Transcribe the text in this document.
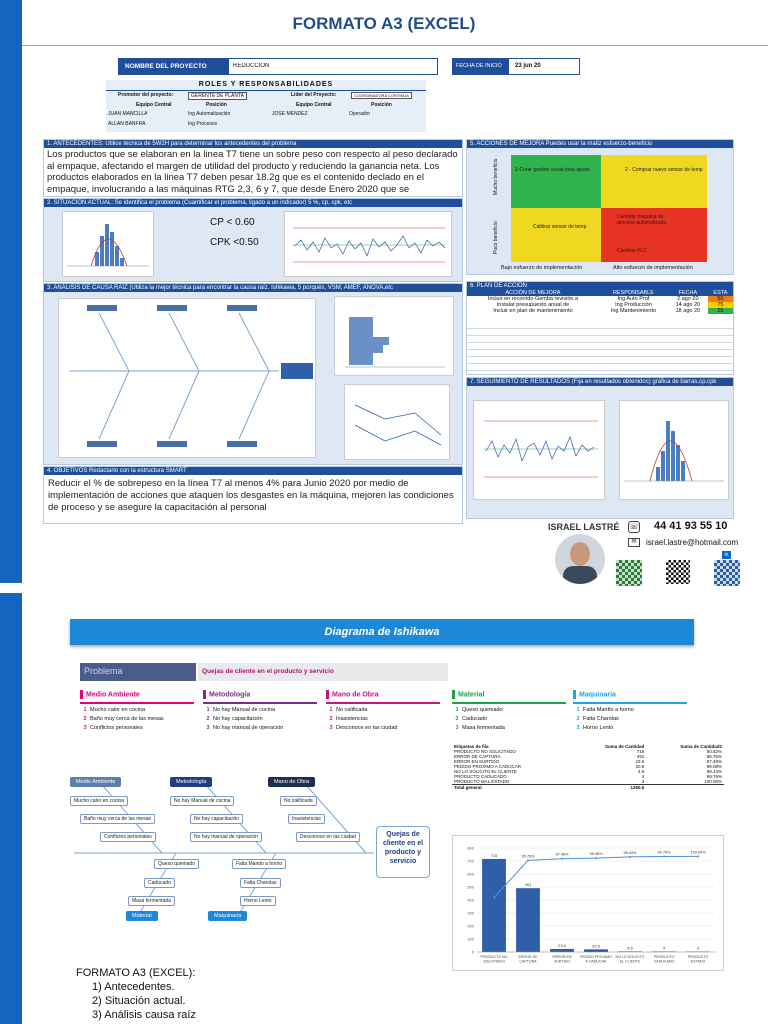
FORMATO A3 (EXCEL)
NOMBRE DEL PROYECTO	REDUCCIÓN	FECHA DE INICIO	23 jun 20
ROLES Y RESPONSABILIDADES
Promotor del proyecto:	GERENTE DE PLANTA	Líder del Proyecto:	COORDINADORA CONTINUA
Equipo Central	Posición	Equipo Central	Posición
JUAN MANCILLA	Ing Automatización	JOSE MENDEZ	Operador
ALLAN BANFRA	Ing Procesos
1. ANTECEDENTES: Utilice técnica de 5W2H para determinar los antecedentes del problema
Los productos que se elaboran en la linea T7 tiene un sobre peso con respecto al peso declarado al empaque, afectando el margen de utilidad del producto y reduciendo la ganancia neta. Los productos elaborados en la linea T7 deben pesar 18.2g que es el contenido declado en el empaque, involucrando a las máquinas RTG 2,3, 6 y 7, que desde Enero 2020 que se
2. SITUACIÓN ACTUAL: Se identifica el problema (Cuantificar el problema, ligado a un indicador) 5 %, cp, cpk, etc
CP < 0.60
CPK <0.50
3. ANÁLISIS DE CAUSA RAÍZ (Utiliza la mejor técnica para encontrar la causa raíz. Ishikawa, 5 porqués, VSM, AMEF, ANOVA,etc
4. OBJETIVOS Redactarlo con la estructura SMART
Reducir el % de sobrepeso en la línea T7 al menos 4% para Junio 2020 por medio de implementación de acciones que ataquen los desgastes en la máquina, mejoren las condiciones de proceso y se asegure la capacitación al personal
5. ACCIONES DE MEJORA Puedes usar la matiz esfuerzo-beneficio
1-Crear gestión visual para ajuste	2 - Comprar nuevo sensor de temp
Calibrar sensor de temp
Cambiar maquina de proceso automatizada
Cambiar PLC
Mucho beneficio
Poco beneficio
Bajo esfuerzo de implementación	Alto esfuerzo de implementación
6. PLAN DE ACCIÓN
ACCIÓN DE MEJORA	RESPONSABLE	FECHA	ESTA
Incluir en recorrido Gemba revisión a	Ing Auto Prof	2 ago 20	50
Instalar presupuesto anual de	Ing Producción	14 ago 20	75
Incluir en plan de mantenimiento	Ing Mantenimiento	18 ago 20	25
7. SEGUIMIENTO DE RESULTADOS (Fija en resultados obtenidos) gráfica de barras,cp,cpk
ISRAEL LASTRÉ ☏ 44 41 93 55 10
✉	israel.lastre@hotmail.com
in
Diagrama de Ishikawa
Problema	Quejas de cliente en el producto y servicio
Medio Ambiente	Metodología	Mano de Obra
Material	Maquinaria
Mucho calor en cocina
Baño muy cerca de las mesas
Conflictos personales
No hay Manual de cocina
No hay capacitación
No hay manual de operación
No calificada
Inasistencias
Desconoce en las ciudad
Queso quemado
Caducado
Masa fermentada
Falta Mantto a horno
Falta Charolas
Horno Lento
Quejas de cliente en el producto y servicio
Etiquetas de fila	Suma de Cantidad	Suma de Cantidad2
PRODUCTO NO SOLICITADO	716	50.82%
ERROR DE CAPTURA	491	95.76%
ERROR EN SURTIDO	23.5	97.48%
PEDIDO PROXIMO A CADUCAR	20.5	98.08%
NO LO SOLICITO EL CLIENTE	4.5	99.44%
PRODUCTO CADUCADO	4	99.76%
PRODUCTO MAL ESTADO	3	100.00%
Total general	1260.5	
0
100
200
300
400
500
600
700
800
716
PRODUCTO NO
SOLICITADO
491
ERROR DE
CAPTURA
95.76%
23.5
ERROR EN
SURTIDO
97.48%
20.5
PEDIDO PROXIMO
A CADUCAR
98.08%
4.5
NO LO SOLICITO
EL CLIENTE
99.44%
4
PRODUCTO
CADUCADO
99.76%
3
PRODUCTO
ESTADO
100.00%
FORMATO A3 (EXCEL):
1) Antecedentes.
2) Situación actual.
3) Análisis causa raíz
Medio Ambiente
1 Mucho calor en cocina
2 Baño muy cerca de las mesas
3 Conflictos personales
Metodología
1 No hay Manual de cocina
2 No hay capacitación
3 No hay manual de operación
Mano de Obra
1 No calificada
2 Inasistencias
3 Desconoce en las ciudad
Material
1 Queso quemado
2 Caducado
3 Masa fermentada
Maquinaria
1 Falta Mantto a horno
2 Falta Charolas
3 Horno Lento
